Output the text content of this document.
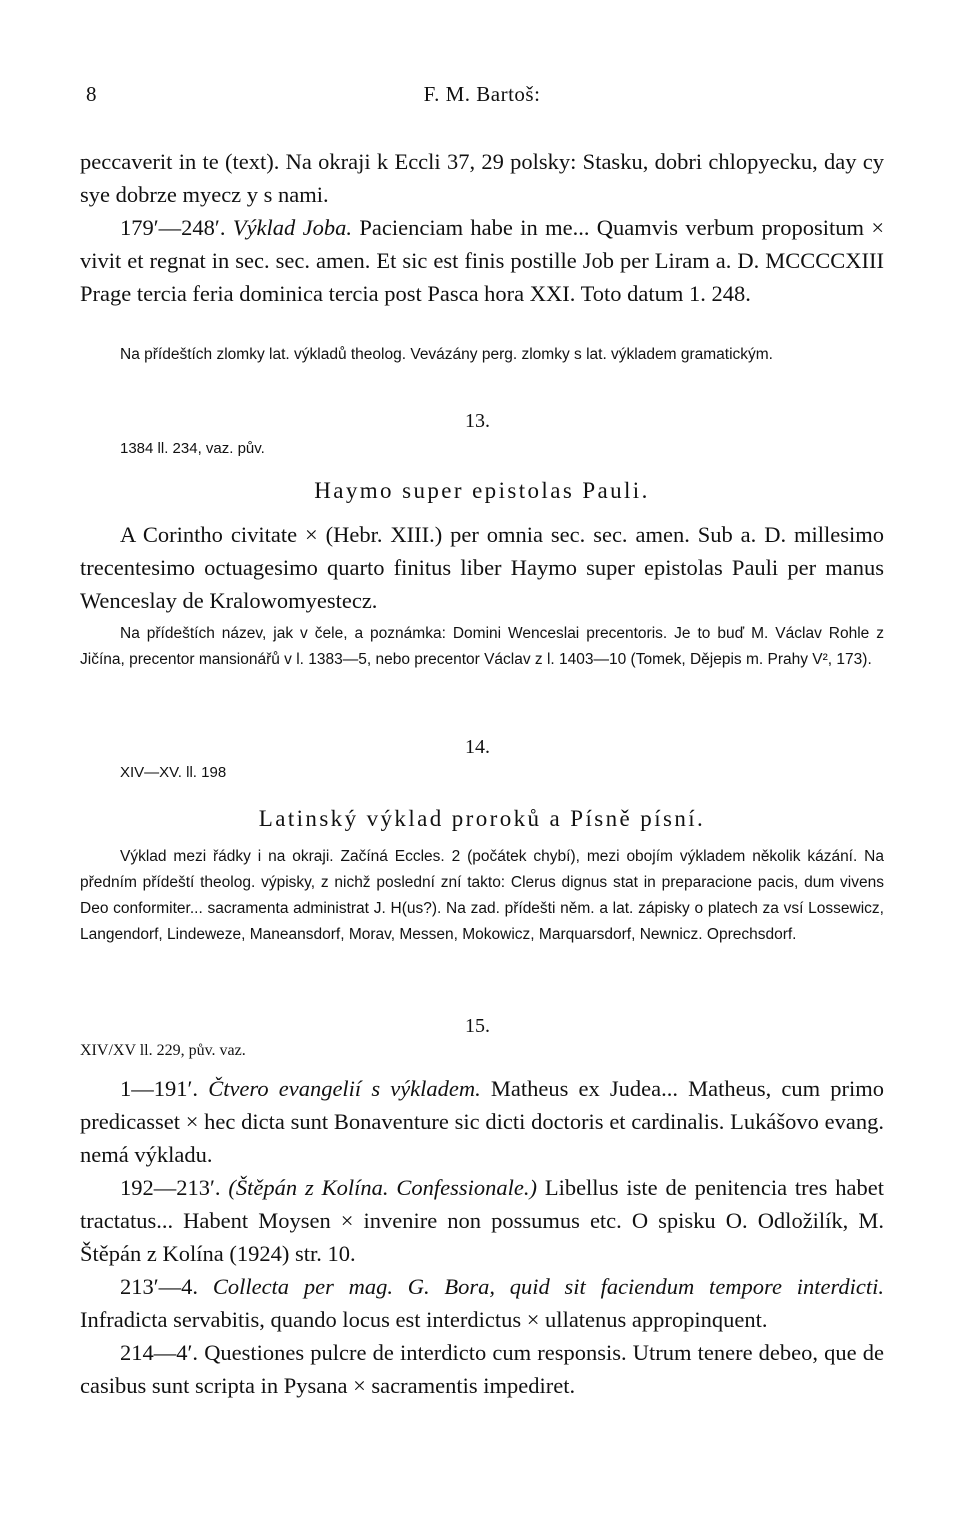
8	F. M. Bartoš:

peccaverit in te (text). Na okraji k Eccli 37, 29 polsky: Stasku, dobri chlopyecku, day cy sye dobrze myecz y s nami.

179′—248′. Výklad Joba. Pacienciam habe in me... Quamvis verbum propositum × vivit et regnat in sec. sec. amen. Et sic est finis postille Job per Liram a. D. MCCCCXIII Prage tercia feria dominica tercia post Pasca hora XXI. Toto datum 1. 248.

Na přídeštích zlomky lat. výkladů theolog. Vevázány perg. zlomky s lat. výkladem gramatickým.

13.
1384 ll. 234, vaz. pův.
Haymo super epistolas Pauli.

A Corintho civitate × (Hebr. XIII.) per omnia sec. sec. amen. Sub a. D. millesimo trecentesimo octuagesimo quarto finitus liber Haymo super epistolas Pauli per manus Wenceslay de Kralowomyestecz.

Na přídeštích název, jak v čele, a poznámka: Domini Wenceslai precentoris. Je to buď M. Václav Rohle z Jičína, precentor mansionářů v l. 1383—5, nebo precentor Václav z l. 1403—10 (Tomek, Dějepis m. Prahy V², 173).

14.
XIV—XV. ll. 198
Latinský výklad proroků a Písně písní.

Výklad mezi řádky i na okraji. Začíná Eccles. 2 (počátek chybí), mezi obojím výkladem několik kázání. Na předním přídeští theolog. výpisky, z nichž poslední zní takto: Clerus dignus stat in preparacione pacis, dum vivens Deo conformiter... sacramenta administrat J. H(us?). Na zad. přídešti něm. a lat. zápisky o platech za vsí Lossewicz, Langendorf, Lindeweze, Maneansdorf, Morav, Messen, Mokowicz, Marquarsdorf, Newnicz. Oprechsdorf.

15.
XIV/XV ll. 229, pův. vaz.

1—191′. Čtvero evangelií s výkladem. Matheus ex Judea... Matheus, cum primo predicasset × hec dicta sunt Bonaventure sic dicti doctoris et cardinalis. Lukášovo evang. nemá výkladu.

192—213′. (Štěpán z Kolína. Confessionale.) Libellus iste de penitencia tres habet tractatus... Habent Moysen × invenire non possumus etc. O spisku O. Odložilík, M. Štěpán z Kolína (1924) str. 10.

213′—4. Collecta per mag. G. Bora, quid sit faciendum tempore interdicti. Infradicta servabitis, quando locus est interdictus × ullatenus appropinquent.

214—4′. Questiones pulcre de interdicto cum responsis. Utrum tenere debeo, que de casibus sunt scripta in Pysana × sacramentis impediret.
